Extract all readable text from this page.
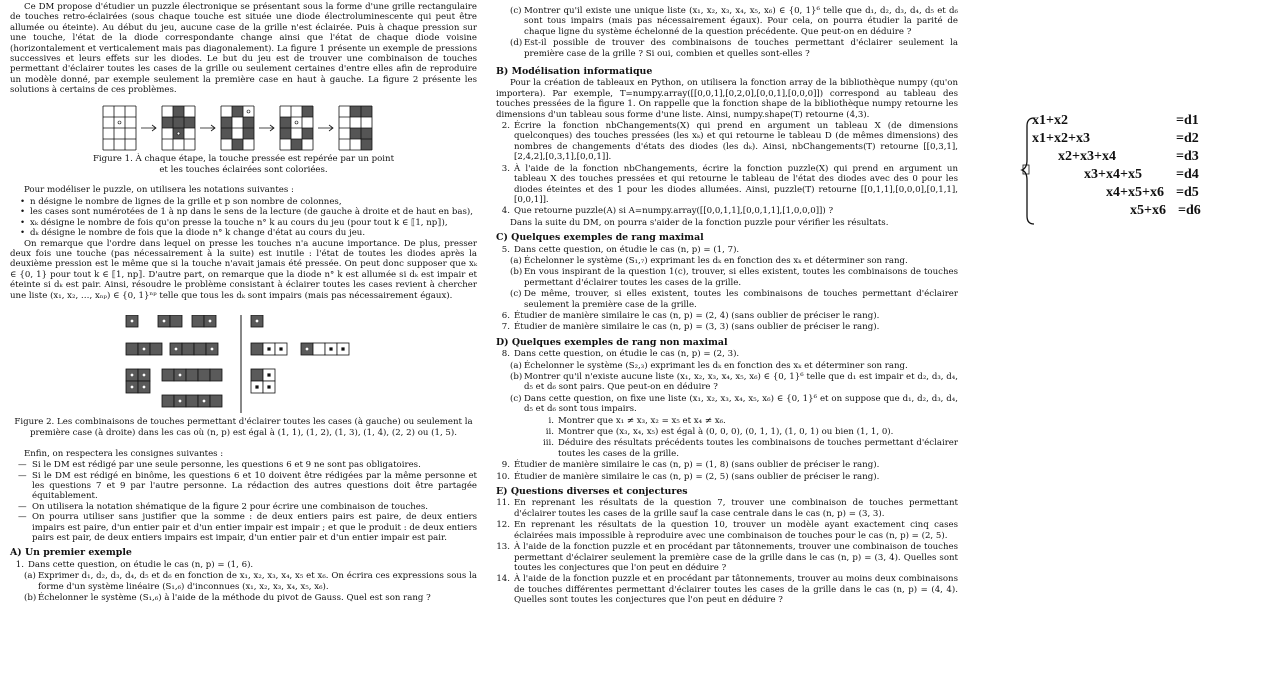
Ce DM propose d'étudier un puzzle électronique se présentant sous la forme d'une grille rectangulaire de touches retro-éclairées (sous chaque touche est située une diode électroluminescente qui peut être allumée ou éteinte). Au début du jeu, aucune case de la grille n'est éclairée. Puis à chaque pression sur une touche, l'état de la diode correspondante change ainsi que l'état de chaque diode voisine (horizontalement et verticalement mais pas diagonalement). La figure 1 présente un exemple de pressions successives et leurs effets sur les diodes. Le but du jeu est de trouver une combinaison de touches permettant d'éclairer toutes les cases de la grille ou seulement certaines d'entre elles afin de reproduire un modèle donné, par exemple seulement la première case en haut à gauche. La figure 2 présente les solutions à certains de ces problèmes.

Figure 1. À chaque étape, la touche pressée est repérée par un point

et les touches éclairées sont coloriées.

Pour modéliser le puzzle, on utilisera les notations suivantes :

• n désigne le nombre de lignes de la grille et p son nombre de colonnes,
• les cases sont numérotées de 1 à np dans le sens de la lecture (de gauche à droite et de haut en bas),
• xₖ désigne le nombre de fois qu'on presse la touche n° k au cours du jeu (pour tout k ∈ ⟦1, np⟧),
• dₖ désigne le nombre de fois que la diode n° k change d'état au cours du jeu.

On remarque que l'ordre dans lequel on presse les touches n'a aucune importance. De plus, presser deux fois une touche (pas nécessairement à la suite) est inutile : l'état de toutes les diodes après la deuxième pression est le même que si la touche n'avait jamais été pressée. On peut donc supposer que xₖ ∈ {0, 1} pour tout k ∈ ⟦1, np⟧. D'autre part, on remarque que la diode n° k est allumée si dₖ est impair et éteinte si dₖ est pair. Ainsi, résoudre le problème consistant à éclairer toutes les cases revient à chercher une liste (x₁, x₂, …, xₙₚ) ∈ {0, 1}ⁿᵖ telle que tous les dₖ sont impairs (mais pas nécessairement égaux).

Figure 2. Les combinaisons de touches permettant d'éclairer toutes les cases (à gauche) ou seulement la

première case (à droite) dans les cas où (n, p) est égal à (1, 1), (1, 2), (1, 3), (1, 4), (2, 2) ou (1, 5).

Enfin, on respectera les consignes suivantes :

— Si le DM est rédigé par une seule personne, les questions 6 et 9 ne sont pas obligatoires.
— Si le DM est rédigé en binôme, les questions 6 et 10 doivent être rédigées par la même personne et les questions 7 et 9 par l'autre personne. La rédaction des autres questions doit être partagée équitablement.
— On utilisera la notation shématique de la figure 2 pour écrire une combinaison de touches.
— On pourra utiliser sans justifier que la somme : de deux entiers pairs est paire, de deux entiers impairs est paire, d'un entier pair et d'un entier impair est impair ; et que le produit : de deux entiers pairs est pair, de deux entiers impairs est impair, d'un entier pair et d'un entier impair est pair.
A) Un premier exemple
1. Dans cette question, on étudie le cas (n, p) = (1, 6).
(a) Exprimer d₁, d₂, d₃, d₄, d₅ et d₆ en fonction de x₁, x₂, x₃, x₄, x₅ et x₆. On écrira ces expressions sous la forme d'un système linéaire (S₁,₆) d'inconnues (x₁, x₂, x₃, x₄, x₅, x₆).
(b) Échelonner le système (S₁,₆) à l'aide de la méthode du pivot de Gauss. Quel est son rang ?
(c) Montrer qu'il existe une unique liste (x₁, x₂, x₃, x₄, x₅, x₆) ∈ {0, 1}⁶ telle que d₁, d₂, d₃, d₄, d₅ et d₆ sont tous impairs (mais pas nécessairement égaux). Pour cela, on pourra étudier la parité de chaque ligne du système échelonné de la question précédente. Que peut-on en déduire ?
(d) Est-il possible de trouver des combinaisons de touches permettant d'éclairer seulement la première case de la grille ? Si oui, combien et quelles sont-elles ?
B) Modélisation informatique

Pour la création de tableaux en Python, on utilisera la fonction array de la bibliothèque numpy (qu'on importera). Par exemple, T=numpy.array([[0,0,1],[0,2,0],[0,0,1],[0,0,0]]) correspond au tableau des touches pressées de la figure 1. On rappelle que la fonction shape de la bibliothèque numpy retourne les dimensions d'un tableau sous forme d'une liste. Ainsi, numpy.shape(T) retourne (4,3).

2. Écrire la fonction nbChangements(X) qui prend en argument un tableau X (de dimensions quelconques) des touches pressées (les xₖ) et qui retourne le tableau D (de mêmes dimensions) des nombres de changements d'états des diodes (les dₖ). Ainsi, nbChangements(T) retourne [[0,3,1],[2,4,2],[0,3,1],[0,0,1]].
3. À l'aide de la fonction nbChangements, écrire la fonction puzzle(X) qui prend en argument un tableau X des touches pressées et qui retourne le tableau de l'état des diodes avec des 0 pour les diodes éteintes et des 1 pour les diodes allumées. Ainsi, puzzle(T) retourne [[0,1,1],[0,0,0],[0,1,1],[0,0,1]].
4. Que retourne puzzle(A) si A=numpy.array([[0,0,1,1],[0,0,1,1],[1,0,0,0]]) ?

Dans la suite du DM, on pourra s'aider de la fonction puzzle pour vérifier les résultats.

C) Quelques exemples de rang maximal
5. Dans cette question, on étudie le cas (n, p) = (1, 7).
(a) Échelonner le système (S₁,₇) exprimant les dₖ en fonction des xₖ et déterminer son rang.
(b) En vous inspirant de la question 1(c), trouver, si elles existent, toutes les combinaisons de touches permettant d'éclairer toutes les cases de la grille.
(c) De même, trouver, si elles existent, toutes les combinaisons de touches permettant d'éclairer seulement la première case de la grille.
6. Étudier de manière similaire le cas (n, p) = (2, 4) (sans oublier de préciser le rang).
7. Étudier de manière similaire le cas (n, p) = (3, 3) (sans oublier de préciser le rang).
D) Quelques exemples de rang non maximal
8. Dans cette question, on étudie le cas (n, p) = (2, 3).
(a) Échelonner le système (S₂,₃) exprimant les dₖ en fonction des xₖ et déterminer son rang.
(b) Montrer qu'il n'existe aucune liste (x₁, x₂, x₃, x₄, x₅, x₆) ∈ {0, 1}⁶ telle que d₁ est impair et d₂, d₃, d₄, d₅ et d₆ sont pairs. Que peut-on en déduire ?
(c) Dans cette question, on fixe une liste (x₁, x₂, x₃, x₄, x₅, x₆) ∈ {0, 1}⁶ et on suppose que d₁, d₂, d₃, d₄, d₅ et d₆ sont tous impairs.
i. Montrer que x₁ ≠ x₃, x₂ = x₅ et x₄ ≠ x₆.
ii. Montrer que (x₃, x₄, x₅) est égal à (0, 0, 0), (0, 1, 1), (1, 0, 1) ou bien (1, 1, 0).
iii. Déduire des résultats précédents toutes les combinaisons de touches permettant d'éclairer toutes les cases de la grille.
9. Étudier de manière similaire le cas (n, p) = (1, 8) (sans oublier de préciser le rang).
10. Étudier de manière similaire le cas (n, p) = (2, 5) (sans oublier de préciser le rang).
E) Questions diverses et conjectures
11. En reprenant les résultats de la question 7, trouver une combinaison de touches permettant d'éclairer toutes les cases de la grille sauf la case centrale dans le cas (n, p) = (3, 3).
12. En reprenant les résultats de la question 10, trouver un modèle ayant exactement cinq cases éclairées mais impossible à reproduire avec une combinaison de touches pour le cas (n, p) = (2, 5).
13. À l'aide de la fonction puzzle et en procédant par tâtonnements, trouver une combinaison de touches permettant d'éclairer seulement la première case de la grille dans le cas (n, p) = (3, 4). Quelles sont toutes les conjectures que l'on peut en déduire ?
14. À l'aide de la fonction puzzle et en procédant par tâtonnements, trouver au moins deux combinaisons de touches différentes permettant d'éclairer toutes les cases de la grille dans le cas (n, p) = (4, 4). Quelles sont toutes les conjectures que l'on peut en déduire ?
x1+x2	=d1
x1+x2+x3	=d2
x2+x3+x4	=d3
x3+x4+x5 =d4
x4+x5+x6 =d5
x5+x6 =d6
